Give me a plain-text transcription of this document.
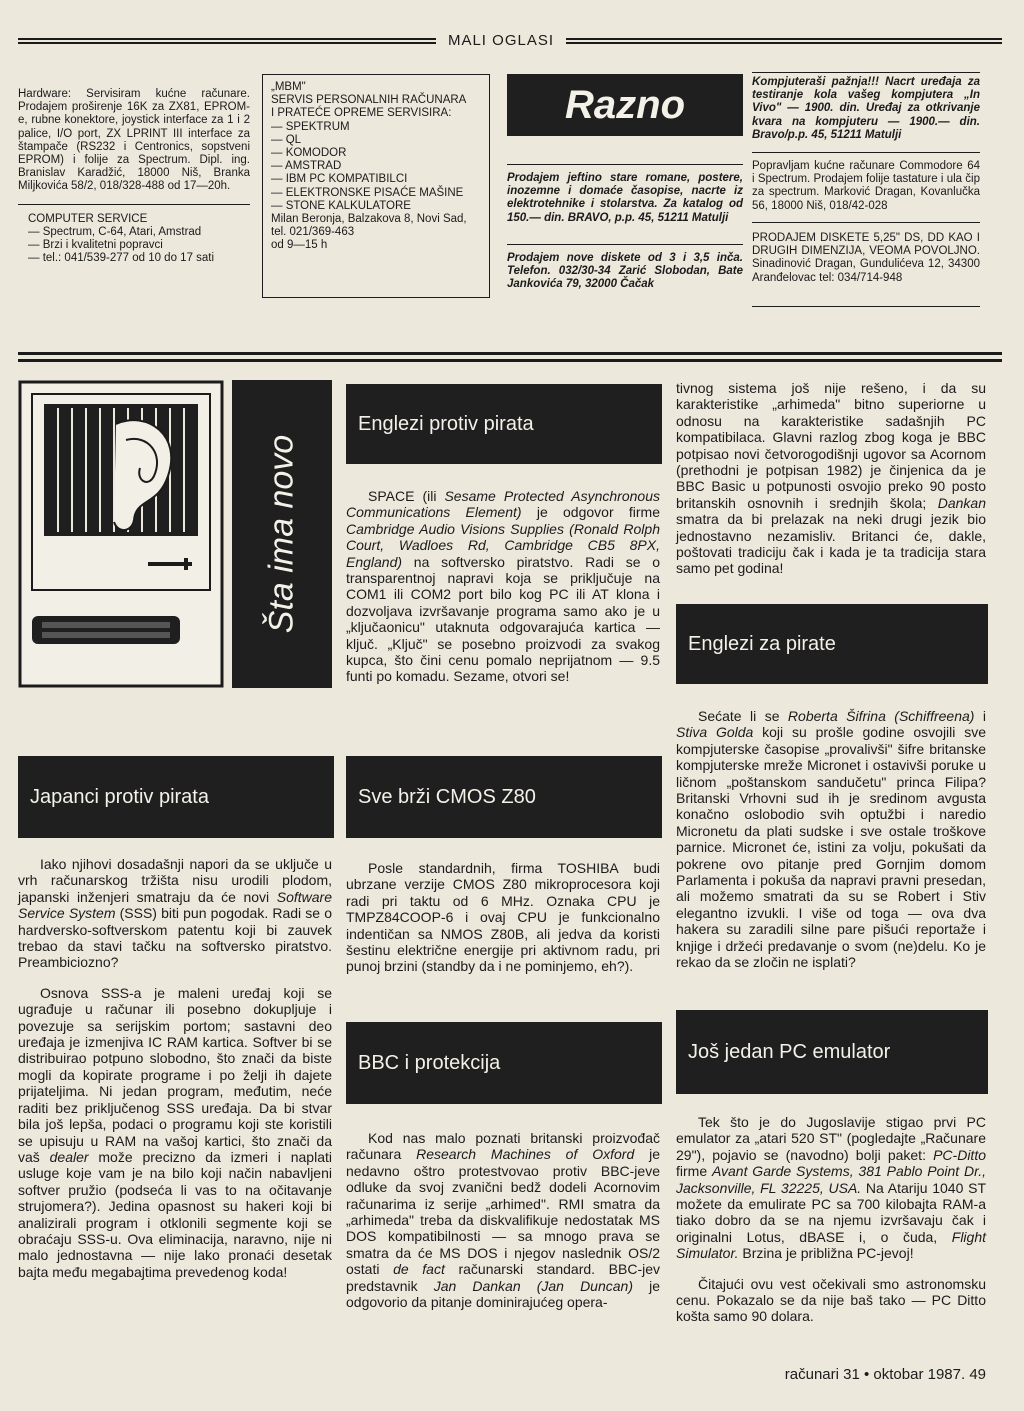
MALI OGLASI

Hardware: Servisiram kućne računare. Prodajem proširenje 16K za ZX81, EPROM-e, rubne konektore, joystick interface za 1 i 2 palice, I/O port, ZX LPRINT III interface za štampače (RS232 i Centronics, sopstveni EPROM) i folije za Spectrum. Dipl. ing. Branislav Karadžić, 18000 Niš, Branka Miljkovića 58/2, 018/328-488 od 17—20h.

COMPUTER SERVICE

— Spectrum, C-64, Atari, Amstrad

— Brzi i kvalitetni popravci

— tel.: 041/539-277 od 10 do 17 sati

„MBM"

SERVIS PERSONALNIH RAČUNARA

I PRATEĆE OPREME SERVISIRA:

— SPEKTRUM

— QL

— KOMODOR

— AMSTRAD

— IBM PC KOMPATIBILCI

— ELEKTRONSKE PISAĆE MAŠINE

— STONE KALKULATORE

Milan Beronja, Balzakova 8, Novi Sad, tel. 021/369-463

od 9—15 h

Razno
Prodajem jeftino stare romane, postere, inozemne i domaće časopise, nacrte iz elektrotehnike i stolarstva. Za katalog od 150.— din. BRAVO, p.p. 45, 51211 Matulji
Prodajem nove diskete od 3 i 3,5 inča. Telefon. 032/30-34 Zarić Slobodan, Bate Jankovića 79, 32000 Čačak
Kompjuteraši pažnja!!! Nacrt uređaja za testiranje kola vašeg kompjutera „In Vivo" — 1900. din. Uređaj za otkrivanje kvara na kompjuteru — 1900.— din. Bravo/p.p. 45, 51211 Matulji
Popravljam kućne računare Commodore 64 i Spectrum. Prodajem folije tastature i ula čip za spectrum. Marković Dragan, Kovanlučka 56, 18000 Niš, 018/42-028
PRODAJEM DISKETE 5,25" DS, DD KAO I DRUGIH DIMENZIJA, VEOMA POVOLJNO. Sinadinović Dragan, Gundulićeva 12, 34300 Aranđelovac tel: 034/714-948
Šta ima novo
Englezi protiv pirata

SPACE (ili Sesame Protected Asynchronous Communications Element) je odgovor firme Cambridge Audio Visions Supplies (Ronald Rolph Court, Wadloes Rd, Cambridge CB5 8PX, England) na softversko piratstvo. Radi se o transparentnoj napravi koja se priključuje na COM1 ili COM2 port bilo kog PC ili AT klona i dozvoljava izvršavanje programa samo ako je u „ključaonicu" utaknuta odgovarajuća kartica — ključ. „Ključ" se posebno proizvodi za svakog kupca, što čini cenu pomalo neprijatnom — 9.5 funti po komadu. Sezame, otvori se!

tivnog sistema još nije rešeno, i da su karakteristike „arhimeda" bitno superiorne u odnosu na karakteristike sadašnjih PC kompatibilaca. Glavni razlog zbog koga je BBC potpisao novi četvorogodišnji ugovor sa Acornom (prethodni je potpisan 1982) je činjenica da je BBC Basic u potpunosti osvojio preko 90 posto britanskih osnovnih i srednjih škola; Dankan smatra da bi prelazak na neki drugi jezik bio jednostavno nezamisliv. Britanci će, dakle, poštovati tradiciju čak i kada je ta tradicija stara samo pet godina!

Englezi za pirate

Sećate li se Roberta Šifrina (Schiffreena) i Stiva Golda koji su prošle godine osvojili sve kompjuterske časopise „provalivši" šifre britanske kompjuterske mreže Micronet i ostavivši poruke u ličnom „poštanskom sandučetu" princa Filipa? Britanski Vrhovni sud ih je sredinom avgusta konačno oslobodio svih optužbi i naredio Micronetu da plati sudske i sve ostale troškove parnice. Micronet će, istini za volju, pokušati da pokrene ovo pitanje pred Gornjim domom Parlamenta i pokuša da napravi pravni presedan, ali možemo smatrati da su se Robert i Stiv elegantno izvukli. I više od toga — ova dva hakera su zaradili silne pare pišući reportaže i knjige i držeći predavanje o svom (ne)delu. Ko je rekao da se zločin ne isplati?

Japanci protiv pirata

Iako njihovi dosadašnji napori da se uključe u vrh računarskog tržišta nisu urodili plodom, japanski inženjeri smatraju da će novi Software Service System (SSS) biti pun pogodak. Radi se o hardversko-softverskom patentu koji bi zauvek trebao da stavi tačku na softversko piratstvo. Preambiciozno?

Osnova SSS-a je maleni uređaj koji se ugrađuje u računar ili posebno dokupljuje i povezuje sa serijskim portom; sastavni deo uređaja je izmenjiva IC RAM kartica. Softver bi se distribuirao potpuno slobodno, što znači da biste mogli da kopirate programe i po želji ih dajete prijateljima. Ni jedan program, međutim, neće raditi bez priključenog SSS uređaja. Da bi stvar bila još lepša, podaci o programu koji ste koristili se upisuju u RAM na vašoj kartici, što znači da vaš dealer može precizno da izmeri i naplati usluge koje vam je na bilo koji način nabavljeni softver pružio (podseća li vas to na očitavanje strujomera?). Jedina opasnost su hakeri koji bi analizirali program i otklonili segmente koji se obraćaju SSS-u. Ova eliminacija, naravno, nije ni malo jednostavna — nije lako pronaći desetak bajta među megabajtima prevedenog koda!

Sve brži CMOS Z80

Posle standardnih, firma TOSHIBA budi ubrzane verzije CMOS Z80 mikroprocesora koji radi pri taktu od 6 MHz. Oznaka CPU je TMPZ84COOP-6 i ovaj CPU je funkcionalno indentičan sa NMOS Z80B, ali jedva da koristi šestinu električne energije pri aktivnom radu, pri punoj brzini (standby da i ne pominjemo, eh?).

BBC i protekcija

Kod nas malo poznati britanski proizvođač računara Research Machines of Oxford je nedavno oštro protestvovao protiv BBC-jeve odluke da svoj zvanični bedž dodeli Acornovim računarima iz serije „arhimed". RMI smatra da „arhimeda" treba da diskvalifikuje nedostatak MS DOS kompatibilnosti — sa mnogo prava se smatra da će MS DOS i njegov naslednik OS/2 ostati de fact računarski standard. BBC-jev predstavnik Jan Dankan (Jan Duncan) je odgovorio da pitanje dominirajućeg opera-

Još jedan PC emulator

Tek što je do Jugoslavije stigao prvi PC emulator za „atari 520 ST" (pogledajte „Računare 29"), pojavio se (navodno) bolji paket: PC-Ditto firme Avant Garde Systems, 381 Pablo Point Dr., Jacksonville, FL 32225, USA. Na Atariju 1040 ST možete da emulirate PC sa 700 kilobajta RAM-a tiako dobro da se na njemu izvršavaju čak i originalni Lotus, dBASE i, o čuda, Flight Simulator. Brzina je približna PC-jevoj!

Čitajući ovu vest očekivali smo astronomsku cenu. Pokazalo se da nije baš tako — PC Ditto košta samo 90 dolara.

računari 31 • oktobar 1987. 49
